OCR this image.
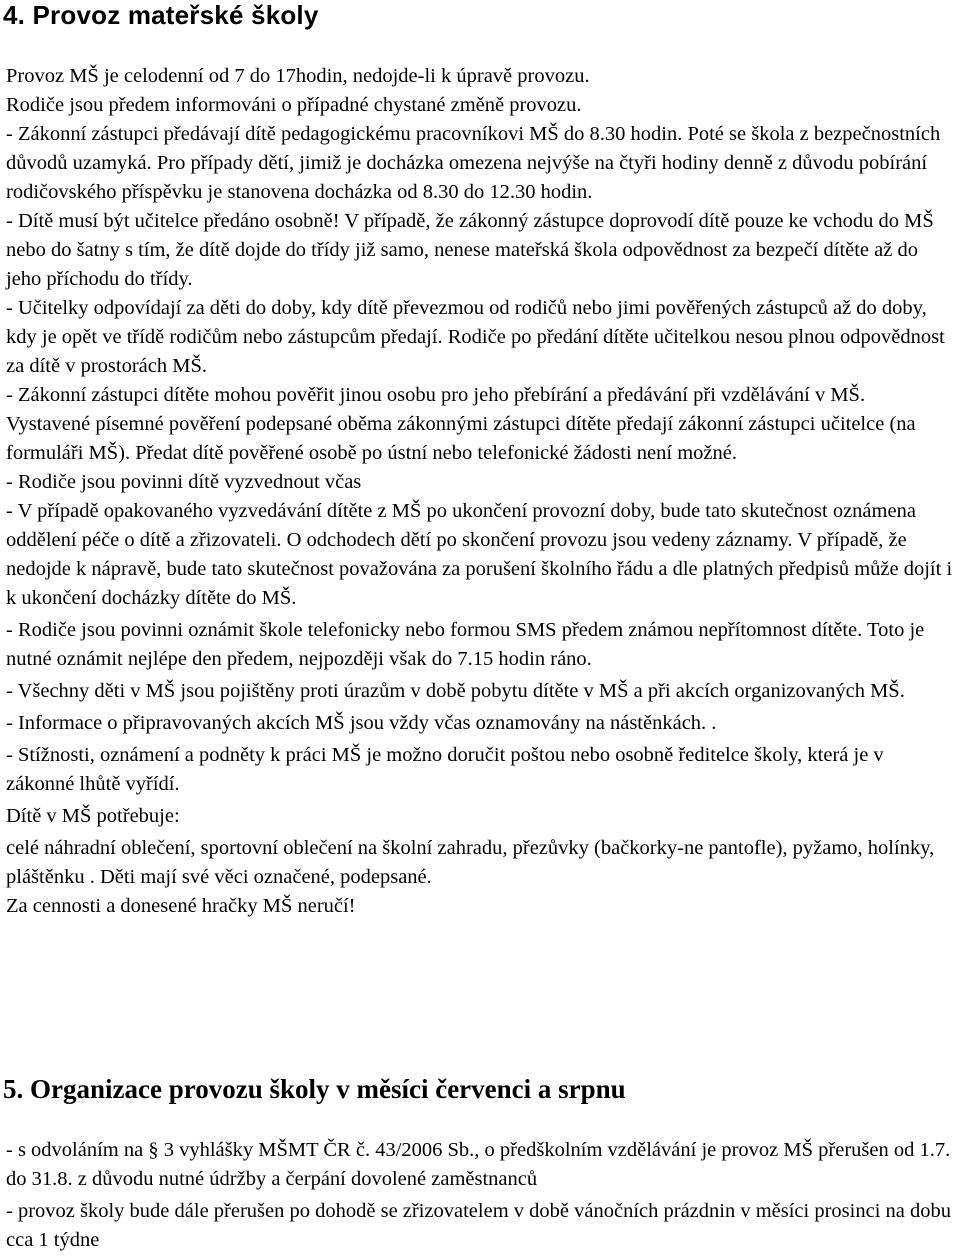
4. Provoz mateřské školy

Provoz MŠ je celodenní od 7 do 17hodin, nedojde-li k úpravě provozu.

Rodiče jsou předem informováni o případné chystané změně provozu.

- Zákonní zástupci předávají dítě pedagogickému pracovníkovi MŠ do 8.30 hodin. Poté se škola z bezpečnostních důvodů uzamyká. Pro případy dětí, jimiž je docházka omezena nejvýše na čtyři hodiny denně z důvodu pobírání rodičovského příspěvku je stanovena docházka od 8.30 do 12.30 hodin.

- Dítě musí být učitelce předáno osobně! V případě, že zákonný zástupce doprovodí dítě pouze ke vchodu do MŠ nebo do šatny s tím, že dítě dojde do třídy již samo, nenese mateřská škola odpovědnost za bezpečí dítěte až do jeho příchodu do třídy.

- Učitelky odpovídají za děti do doby, kdy dítě převezmou od rodičů nebo jimi pověřených zástupců až do doby, kdy je opět ve třídě rodičům nebo zástupcům předají. Rodiče po předání dítěte učitelkou nesou plnou odpovědnost za dítě v prostorách MŠ.

- Zákonní zástupci dítěte mohou pověřit jinou osobu pro jeho přebírání a předávání při vzdělávání v MŠ. Vystavené písemné pověření podepsané oběma zákonnými zástupci dítěte předají zákonní zástupci učitelce (na formuláři MŠ). Předat dítě pověřené osobě po ústní nebo telefonické žádosti není možné.

- Rodiče jsou povinni dítě vyzvednout včas

- V případě opakovaného vyzvedávání dítěte z MŠ po ukončení provozní doby, bude tato skutečnost oznámena oddělení péče o dítě a zřizovateli. O odchodech dětí po skončení provozu jsou vedeny záznamy. V případě, že nedojde k nápravě, bude tato skutečnost považována za porušení školního řádu a dle platných předpisů může dojít i k ukončení docházky dítěte do MŠ.

- Rodiče jsou povinni oznámit škole telefonicky nebo formou SMS předem známou nepřítomnost dítěte. Toto je nutné oznámit nejlépe den předem, nejpozději však do 7.15 hodin ráno.

- Všechny děti v MŠ jsou pojištěny proti úrazům v době pobytu dítěte v MŠ a při akcích organizovaných MŠ.

- Informace o připravovaných akcích MŠ jsou vždy včas oznamovány na nástěnkách. .

- Stížnosti, oznámení a podněty k práci MŠ je možno doručit poštou nebo osobně ředitelce školy, která je v zákonné lhůtě vyřídí.

Dítě v MŠ potřebuje:

celé náhradní oblečení, sportovní oblečení na školní zahradu, přezůvky (bačkorky-ne pantofle), pyžamo, holínky, pláštěnku . Děti mají své věci označené, podepsané.

Za cennosti a donesené hračky MŠ neručí!

5. Organizace provozu školy v měsíci červenci a srpnu

- s odvoláním na § 3 vyhlášky MŠMT ČR č. 43/2006 Sb., o předškolním vzdělávání je provoz MŠ přerušen od 1.7. do 31.8. z důvodu nutné údržby a čerpání dovolené zaměstnanců

- provoz školy bude dále přerušen po dohodě se zřizovatelem v době vánočních prázdnin v měsíci prosinci na dobu cca 1 týdne
